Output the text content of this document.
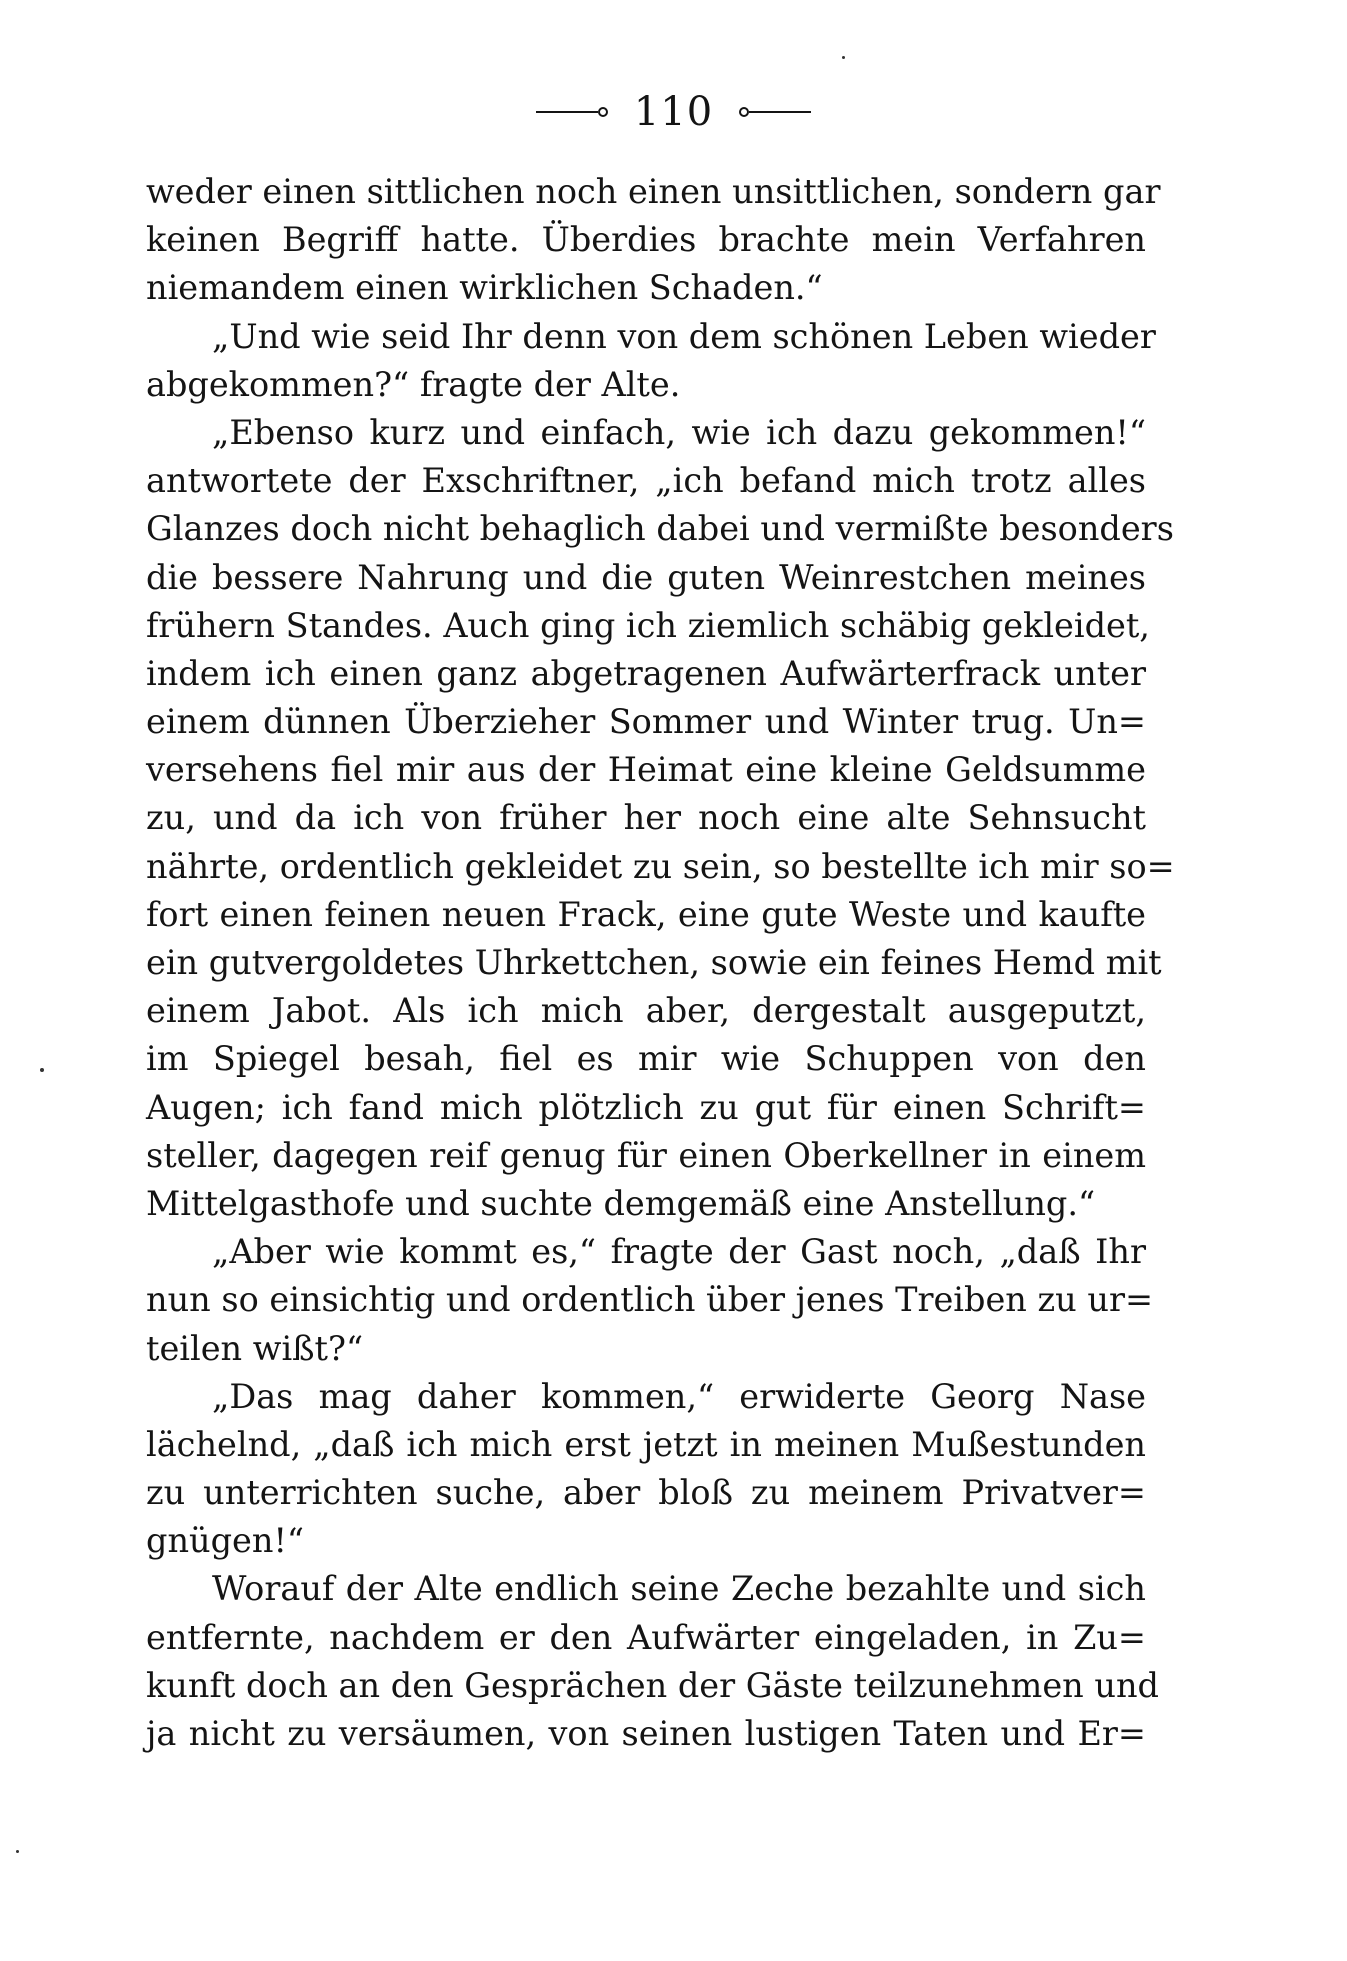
110
weder einen sittlichen noch einen unsittlichen, sondern gar
keinen Begriff hatte. Überdies brachte mein Verfahren
niemandem einen wirklichen Schaden.“
„Und wie seid Ihr denn von dem schönen Leben wieder
abgekommen?“ fragte der Alte.
„Ebenso kurz und einfach, wie ich dazu gekommen!“
antwortete der Exschriftner, „ich befand mich trotz alles
Glanzes doch nicht behaglich dabei und vermißte besonders
die bessere Nahrung und die guten Weinrestchen meines
frühern Standes. Auch ging ich ziemlich schäbig gekleidet,
indem ich einen ganz abgetragenen Aufwärterfrack unter
einem dünnen Überzieher Sommer und Winter trug. Un=
versehens fiel mir aus der Heimat eine kleine Geldsumme
zu, und da ich von früher her noch eine alte Sehnsucht
nährte, ordentlich gekleidet zu sein, so bestellte ich mir so=
fort einen feinen neuen Frack, eine gute Weste und kaufte
ein gutvergoldetes Uhrkettchen, sowie ein feines Hemd mit
einem Jabot. Als ich mich aber, dergestalt ausgeputzt,
im Spiegel besah, fiel es mir wie Schuppen von den
Augen; ich fand mich plötzlich zu gut für einen Schrift=
steller, dagegen reif genug für einen Oberkellner in einem
Mittelgasthofe und suchte demgemäß eine Anstellung.“
„Aber wie kommt es,“ fragte der Gast noch, „daß Ihr
nun so einsichtig und ordentlich über jenes Treiben zu ur=
teilen wißt?“
„Das mag daher kommen,“ erwiderte Georg Nase
lächelnd, „daß ich mich erst jetzt in meinen Mußestunden
zu unterrichten suche, aber bloß zu meinem Privatver=
gnügen!“
Worauf der Alte endlich seine Zeche bezahlte und sich
entfernte, nachdem er den Aufwärter eingeladen, in Zu=
kunft doch an den Gesprächen der Gäste teilzunehmen und
ja nicht zu versäumen, von seinen lustigen Taten und Er=
